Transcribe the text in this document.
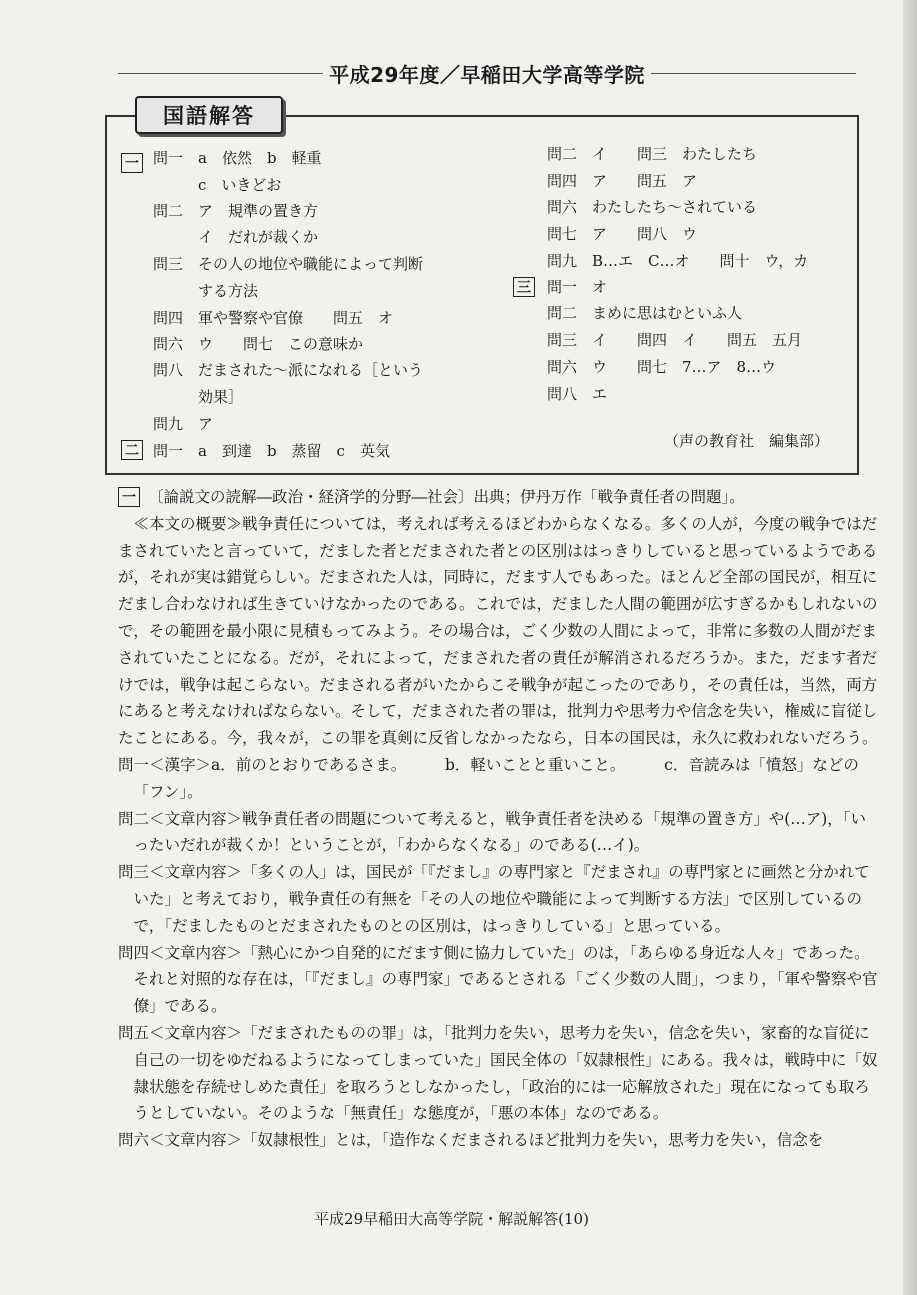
平成29年度／早稲田大学高等学院
一
二
三
問一　a　依然　b　軽重
　　　c　いきどお
問二　ア　規準の置き方
　　　イ　だれが裁くか
問三　その人の地位や職能によって判断
　　　する方法
問四　軍や警察や官僚　　問五　オ
問六　ウ　　問七　この意味か
問八　だまされた～派になれる［という
　　　効果］
問九　ア
問一　a　到達　b　蒸留　c　英気
問二　イ　　問三　わたしたち
問四　ア　　問五　ア
問六　わたしたち～されている
問七　ア　　問八　ウ
問九　B…エ　C…オ　　問十　ウ，カ
問一　オ
問二　まめに思はむといふ人
問三　イ　　問四　イ　　問五　五月
問六　ウ　　問七　7…ア　8…ウ
問八　エ
（声の教育社　編集部）
国語解答

一 〔論説文の読解―政治・経済学的分野―社会〕出典；伊丹万作「戦争責任者の問題」。

≪本文の概要≫戦争責任については，考えれば考えるほどわからなくなる。多くの人が，今度の戦争ではだまされていたと言っていて，だました者とだまされた者との区別ははっきりしていると思っているようであるが，それが実は錯覚らしい。だまされた人は，同時に，だます人でもあった。ほとんど全部の国民が，相互にだまし合わなければ生きていけなかったのである。これでは，だました人間の範囲が広すぎるかもしれないので，その範囲を最小限に見積もってみよう。その場合は，ごく少数の人間によって，非常に多数の人間がだまされていたことになる。だが，それによって，だまされた者の責任が解消されるだろうか。また，だます者だけでは，戦争は起こらない。だまされる者がいたからこそ戦争が起こったのであり，その責任は，当然，両方にあると考えなければならない。そして，だまされた者の罪は，批判力や思考力や信念を失い，権威に盲従したことにある。今，我々が，この罪を真剣に反省しなかったなら，日本の国民は，永久に救われないだろう。

問一＜漢字＞a．前のとおりであるさま。　　　b．軽いことと重いこと。　　　c．音読みは「憤怒」などの「フン」。

問二＜文章内容＞戦争責任者の問題について考えると，戦争責任者を決める「規準の置き方」や(…ア)，「いったいだれが裁くか！ということが，「わからなくなる」のである(…イ)。

問三＜文章内容＞「多くの人」は，国民が「『だまし』の専門家と『だまされ』の専門家とに画然と分かれていた」と考えており，戦争責任の有無を「その人の地位や職能によって判断する方法」で区別しているので，「だましたものとだまされたものとの区別は，はっきりしている」と思っている。

問四＜文章内容＞「熱心にかつ自発的にだます側に協力していた」のは，「あらゆる身近な人々」であった。それと対照的な存在は，「『だまし』の専門家」であるとされる「ごく少数の人間」，つまり，「軍や警察や官僚」である。

問五＜文章内容＞「だまされたものの罪」は，「批判力を失い，思考力を失い，信念を失い，家畜的な盲従に自己の一切をゆだねるようになってしまっていた」国民全体の「奴隷根性」にある。我々は，戦時中に「奴隷状態を存続せしめた責任」を取ろうとしなかったし，「政治的には一応解放された」現在になっても取ろうとしていない。そのような「無責任」な態度が，「悪の本体」なのである。

問六＜文章内容＞「奴隷根性」とは，「造作なくだまされるほど批判力を失い，思考力を失い，信念を

平成29早稲田大高等学院・解説解答(10)
